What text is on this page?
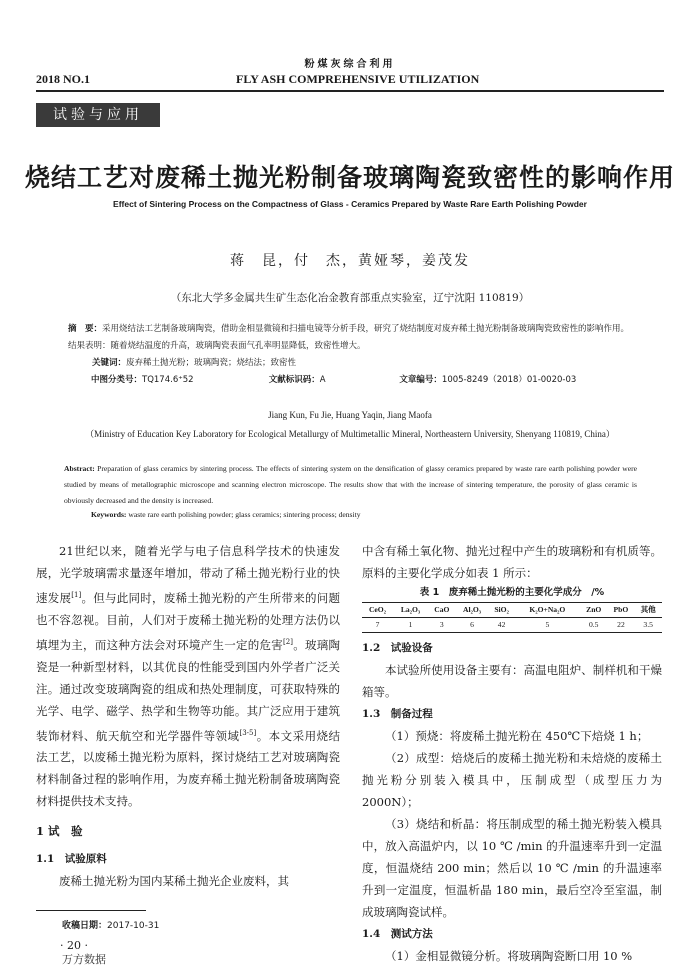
粉煤灰综合利用
2018 NO.1	FLY ASH COMPREHENSIVE UTILIZATION
试验与应用
烧结工艺对废稀土抛光粉制备玻璃陶瓷致密性的影响作用
Effect of Sintering Process on the Compactness of Glass - Ceramics Prepared by Waste Rare Earth Polishing Powder
蒋　昆，付　杰，黄娅琴，姜茂发
（东北大学多金属共生矿生态化冶金教育部重点实验室，辽宁沈阳 110819）

摘　要：采用烧结法工艺制备玻璃陶瓷，借助金相显微镜和扫描电镜等分析手段，研究了烧结制度对废弃稀土抛光粉制备玻璃陶瓷致密性的影响作用。结果表明：随着烧结温度的升高，玻璃陶瓷表面气孔率明显降低，致密性增大。

关键词：废弃稀土抛光粉；玻璃陶瓷；烧结法；致密性

中图分类号：TQ174.6⁺52	文献标识码：A	文章编号：1005-8249（2018）01-0020-03
Jiang Kun, Fu Jie, Huang Yaqin, Jiang Maofa
（Ministry of Education Key Laboratory for Ecological Metallurgy of Multimetallic Mineral, Northeastern University, Shenyang 110819, China）

Abstract: Preparation of glass ceramics by sintering process. The effects of sintering system on the densification of glassy ceramics prepared by waste rare earth polishing powder were studied by means of metallographic microscope and scanning electron microscope. The results show that with the increase of sintering temperature, the porosity of glass ceramic is obviously decreased and the density is increased.

Keywords: waste rare earth polishing powder; glass ceramics; sintering process; density

21世纪以来，随着光学与电子信息科学技术的快速发展，光学玻璃需求量逐年增加，带动了稀土抛光粉行业的快速发展[1]。但与此同时，废稀土抛光粉的产生所带来的问题也不容忽视。目前，人们对于废稀土抛光粉的处理方法仍以填埋为主，而这种方法会对环境产生一定的危害[2]。玻璃陶瓷是一种新型材料，以其优良的性能受到国内外学者广泛关注。通过改变玻璃陶瓷的组成和热处理制度，可获取特殊的光学、电学、磁学、热学和生物等功能。其广泛应用于建筑装饰材料、航天航空和光学器件等领域[3-5]。本文采用烧结法工艺，以废稀土抛光粉为原料，探讨烧结工艺对玻璃陶瓷材料制备过程的影响作用，为废弃稀土抛光粉制备玻璃陶瓷材料提供技术支持。

1 试　验
1.1　试验原料

废稀土抛光粉为国内某稀土抛光企业废料，其

中含有稀土氧化物、抛光过程中产生的玻璃粉和有机质等。原料的主要化学成分如表 1 所示：

表 1　废弃稀土抛光粉的主要化学成分　/%
CeO₂	La₂O₃	CaO	Al₂O₃	SiO₂	K₂O+Na₂O	ZnO	PbO	其他
7	1	3	6	42	5	0.5	22	3.5
1.2　试验设备

本试验所使用设备主要有：高温电阻炉、制样机和干燥箱等。

1.3　制备过程

（1）预烧：将废稀土抛光粉在 450℃下焙烧 1 h；

（2）成型：焙烧后的废稀土抛光粉和未焙烧的废稀土抛光粉分别装入模具中，压制成型（成型压力为 2000N）；

（3）烧结和析晶：将压制成型的稀土抛光粉装入模具中，放入高温炉内，以 10 ℃ /min 的升温速率升到一定温度，恒温烧结 200 min；然后以 10 ℃ /min 的升温速率升到一定温度，恒温析晶 180 min，最后空冷至室温，制成玻璃陶瓷试样。

1.4　测试方法

（1）金相显微镜分析。将玻璃陶瓷断口用 10 %

收稿日期：2017-10-31
· 20 ·
万方数据
